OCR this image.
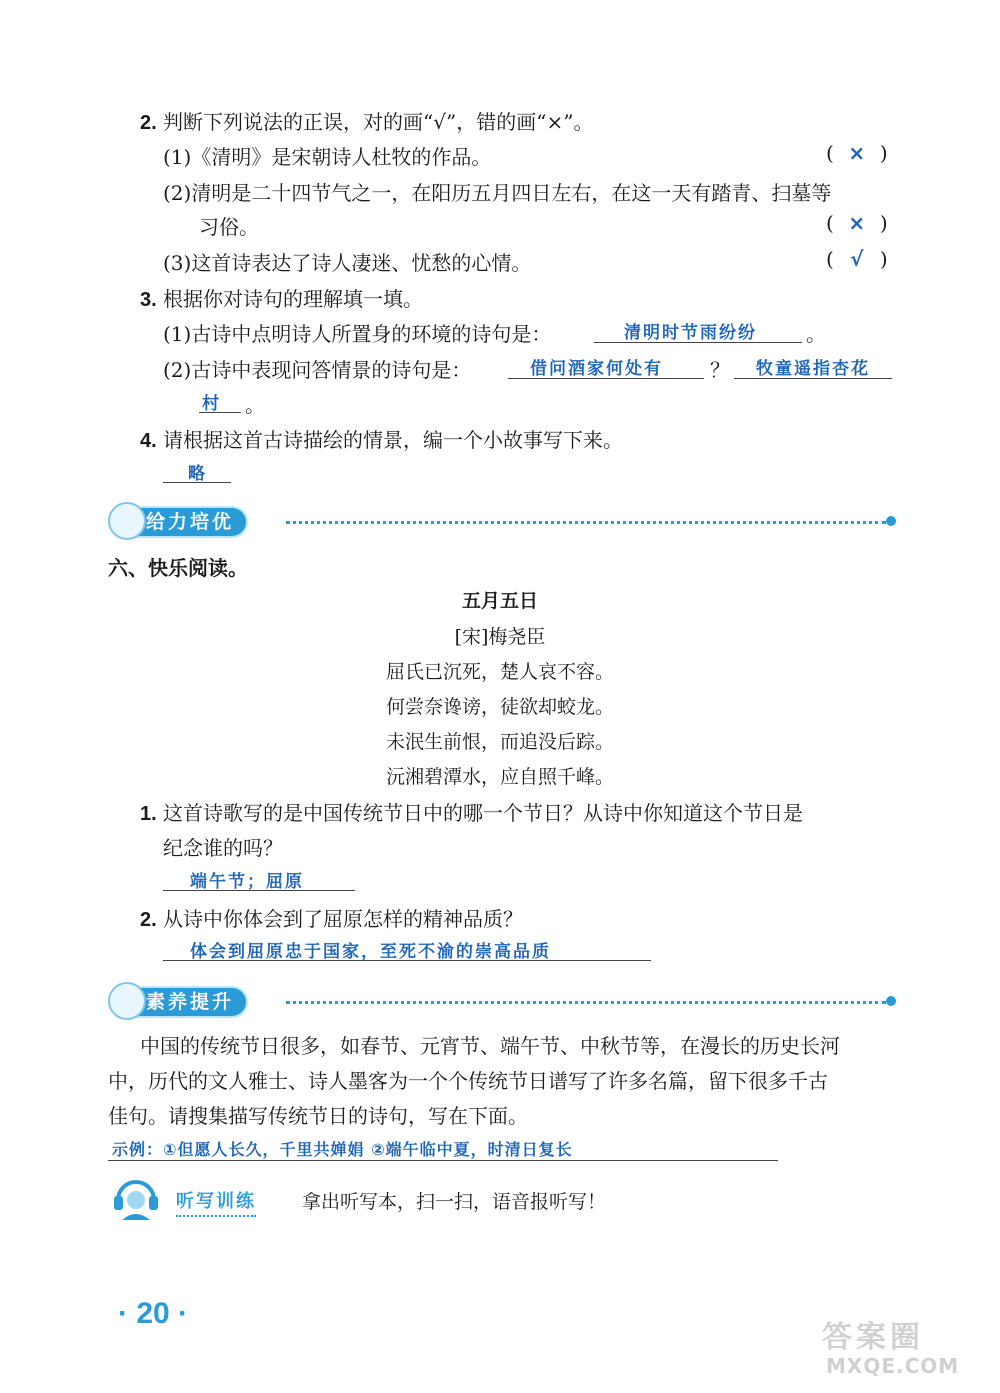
2. 判断下列说法的正误，对的画“√”，错的画“×”。
(1)《清明》是宋朝诗人杜牧的作品。	( × )
(2)清明是二十四节气之一，在阳历五月四日左右，在这一天有踏青、扫墓等
习俗。	( × )
(3)这首诗表达了诗人凄迷、忧愁的心情。	( √ )
3. 根据你对诗句的理解填一填。
(1)古诗中点明诗人所置身的环境的诗句是：	清明时节雨纷纷 。
(2)古诗中表现问答情景的诗句是：	借问酒家何处有 ？ 牧童遥指杏花
村 。
4. 请根据这首古诗描绘的情景，编一个小故事写下来。
略
给力培优
六、快乐阅读。
五月五日
[宋]梅尧臣
屈氏已沉死，楚人哀不容。
何尝奈谗谤，徒欲却蛟龙。
未泯生前恨，而追没后踪。
沅湘碧潭水，应自照千峰。
1. 这首诗歌写的是中国传统节日中的哪一个节日？从诗中你知道这个节日是
纪念谁的吗？
端午节；屈原
2. 从诗中你体会到了屈原怎样的精神品质？
体会到屈原忠于国家，至死不渝的崇高品质
素养提升
中国的传统节日很多，如春节、元宵节、端午节、中秋节等，在漫长的历史长河
中，历代的文人雅士、诗人墨客为一个个传统节日谱写了许多名篇，留下很多千古
佳句。请搜集描写传统节日的诗句，写在下面。
示例：①但愿人长久，千里共婵娟 ②端午临中夏，时清日复长
听写训练 拿出听写本，扫一扫，语音报听写！
· 20 ·
答案圈
MXQE.COM
